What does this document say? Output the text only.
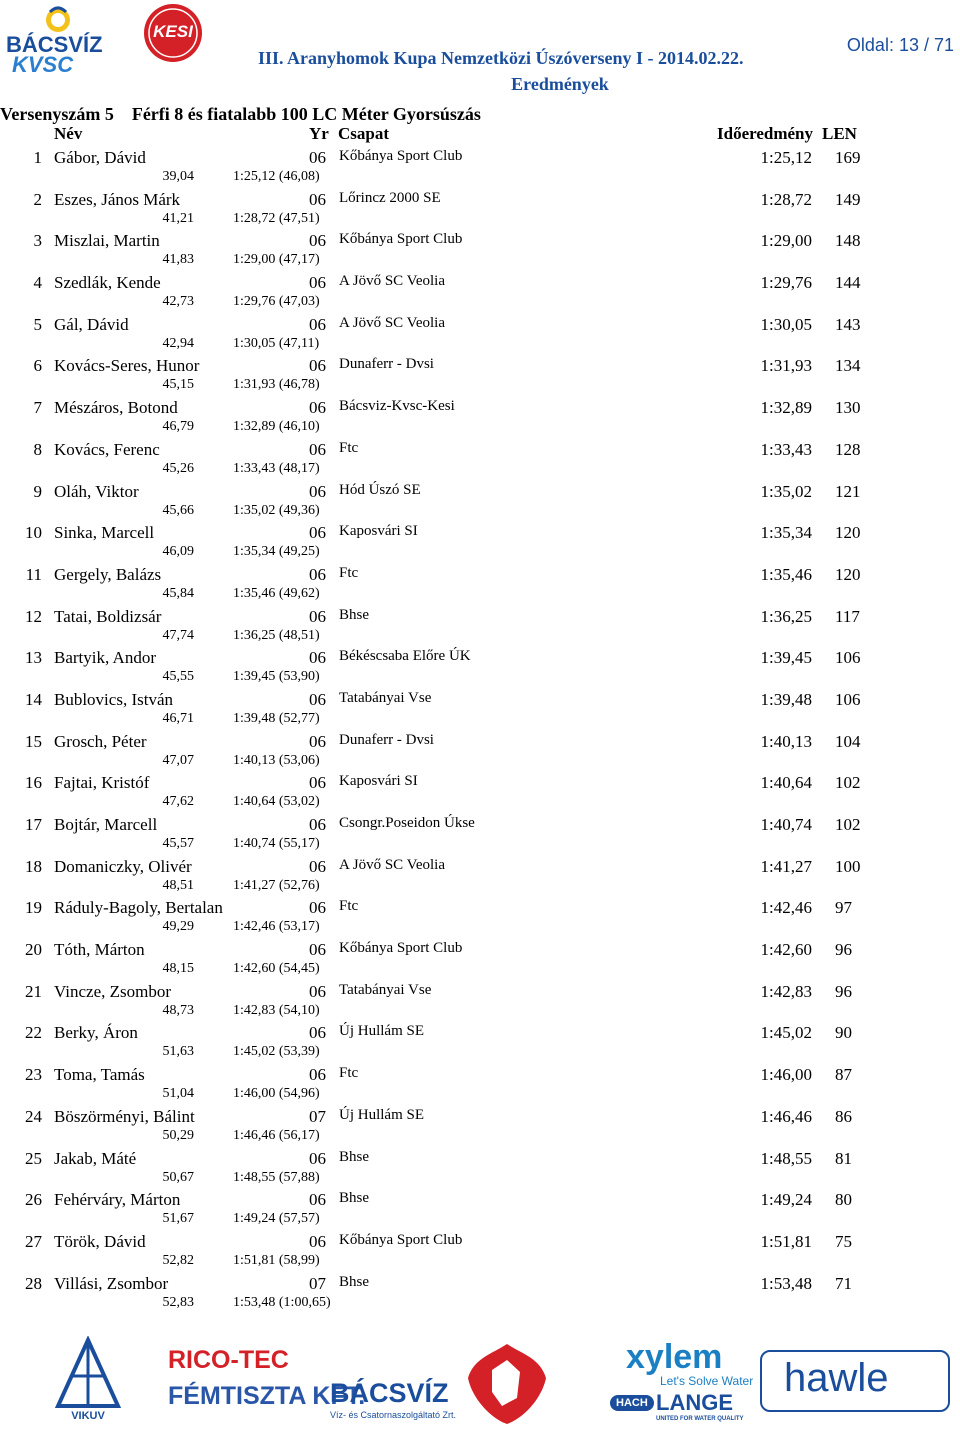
BÁCSVÍZ
KVSC
KESI
III. Aranyhomok Kupa Nemzetközi Úszóverseny I - 2014.02.22.
Eredmények
Oldal: 13 / 71
Versenyszám 5    Férfi 8 és fiatalabb 100 LC Méter Gyorsúszás
Név	Yr Csapat	Időeredmény LEN
1 Gábor, Dávid	06 Kőbánya Sport Club	1:25,12 169
39,04	1:25,12 (46,08)
2 Eszes, János Márk	06 Lőrincz 2000 SE	1:28,72 149
41,21	1:28,72 (47,51)
3 Miszlai, Martin	06 Kőbánya Sport Club	1:29,00 148
41,83	1:29,00 (47,17)
4 Szedlák, Kende	06 A Jövő SC Veolia	1:29,76 144
42,73	1:29,76 (47,03)
5 Gál, Dávid	06 A Jövő SC Veolia	1:30,05 143
42,94	1:30,05 (47,11)
6 Kovács-Seres, Hunor	06 Dunaferr - Dvsi	1:31,93 134
45,15	1:31,93 (46,78)
7 Mészáros, Botond	06 Bácsviz-Kvsc-Kesi	1:32,89 130
46,79	1:32,89 (46,10)
8 Kovács, Ferenc	06 Ftc	1:33,43 128
45,26	1:33,43 (48,17)
9 Oláh, Viktor	06 Hód Úszó SE	1:35,02 121
45,66	1:35,02 (49,36)
10 Sinka, Marcell	06 Kaposvári SI	1:35,34 120
46,09	1:35,34 (49,25)
11 Gergely, Balázs	06 Ftc	1:35,46 120
45,84	1:35,46 (49,62)
12 Tatai, Boldizsár	06 Bhse	1:36,25 117
47,74	1:36,25 (48,51)
13 Bartyik, Andor	06 Békéscsaba Előre ÚK	1:39,45 106
45,55	1:39,45 (53,90)
14 Bublovics, István	06 Tatabányai Vse	1:39,48 106
46,71	1:39,48 (52,77)
15 Grosch, Péter	06 Dunaferr - Dvsi	1:40,13 104
47,07	1:40,13 (53,06)
16 Fajtai, Kristóf	06 Kaposvári SI	1:40,64 102
47,62	1:40,64 (53,02)
17 Bojtár, Marcell	06 Csongr.Poseidon Úkse	1:40,74 102
45,57	1:40,74 (55,17)
18 Domaniczky, Olivér	06 A Jövő SC Veolia	1:41,27 100
48,51	1:41,27 (52,76)
19 Ráduly-Bagoly, Bertalan	06 Ftc	1:42,46 97
49,29	1:42,46 (53,17)
20 Tóth, Márton	06 Kőbánya Sport Club	1:42,60 96
48,15	1:42,60 (54,45)
21 Vincze, Zsombor	06 Tatabányai Vse	1:42,83 96
48,73	1:42,83 (54,10)
22 Berky, Áron	06 Új Hullám SE	1:45,02 90
51,63	1:45,02 (53,39)
23 Toma, Tamás	06 Ftc	1:46,00 87
51,04	1:46,00 (54,96)
24 Böszörményi, Bálint	07 Új Hullám SE	1:46,46 86
50,29	1:46,46 (56,17)
25 Jakab, Máté	06 Bhse	1:48,55 81
50,67	1:48,55 (57,88)
26 Fehérváry, Márton	06 Bhse	1:49,24 80
51,67	1:49,24 (57,57)
27 Török, Dávid	06 Kőbánya Sport Club	1:51,81 75
52,82	1:51,81 (58,99)
28 Villási, Zsombor	07 Bhse	1:53,48 71
52,83	1:53,48 (1:00,65)
VIKUV
RICO-TEC
FÉMTISZTA KFT.
BÁCSVÍZ
Víz- és Csatornaszolgáltató Zrt.
xylem
Let's Solve Water
HACH LANGE
UNITED FOR WATER QUALITY
hawle
